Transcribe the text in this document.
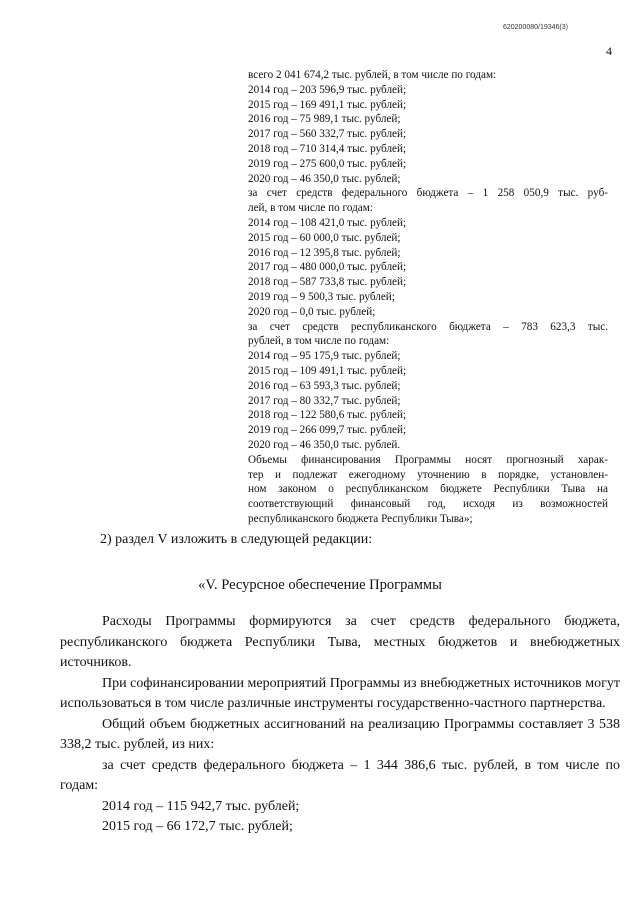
620200080/19346(3)
4

всего 2 041 674,2 тыс. рублей, в том числе по годам:

2014 год – 203 596,9 тыс. рублей;

2015 год – 169 491,1 тыс. рублей;

2016 год – 75 989,1 тыс. рублей;

2017 год – 560 332,7 тыс. рублей;

2018 год – 710 314,4 тыс. рублей;

2019 год – 275 600,0 тыс. рублей;

2020 год – 46 350,0 тыс. рублей;

за счет средств федерального бюджета – 1 258 050,9 тыс. руб-

лей, в том числе по годам:

2014 год – 108 421,0 тыс. рублей;

2015 год – 60 000,0 тыс. рублей;

2016 год – 12 395,8 тыс. рублей;

2017 год – 480 000,0 тыс. рублей;

2018 год – 587 733,8 тыс. рублей;

2019 год – 9 500,3 тыс. рублей;

2020 год – 0,0 тыс. рублей;

за счет средств республиканского бюджета – 783 623,3 тыс.

рублей, в том числе по годам:

2014 год – 95 175,9 тыс. рублей;

2015 год – 109 491,1 тыс. рублей;

2016 год – 63 593,3 тыс. рублей;

2017 год – 80 332,7 тыс. рублей;

2018 год – 122 580,6 тыс. рублей;

2019 год – 266 099,7 тыс. рублей;

2020 год – 46 350,0 тыс. рублей.

Объемы финансирования Программы носят прогнозный харак-

тер и подлежат ежегодному уточнению в порядке, установлен-

ном законом о республиканском бюджете Республики Тыва на

соответствующий финансовый год, исходя из возможностей

республиканского бюджета Республики Тыва»;

2) раздел V изложить в следующей редакции:
«V. Ресурсное обеспечение Программы

Расходы Программы формируются за счет средств федерального бюджета, республиканского бюджета Республики Тыва, местных бюджетов и внебюджетных источников.

При софинансировании мероприятий Программы из внебюджетных источников могут использоваться в том числе различные инструменты государственно-частного партнерства.

Общий объем бюджетных ассигнований на реализацию Программы составляет 3 538 338,2 тыс. рублей, из них:

за счет средств федерального бюджета – 1 344 386,6 тыс. рублей, в том числе по годам:

2014 год – 115 942,7 тыс. рублей;

2015 год – 66 172,7 тыс. рублей;
